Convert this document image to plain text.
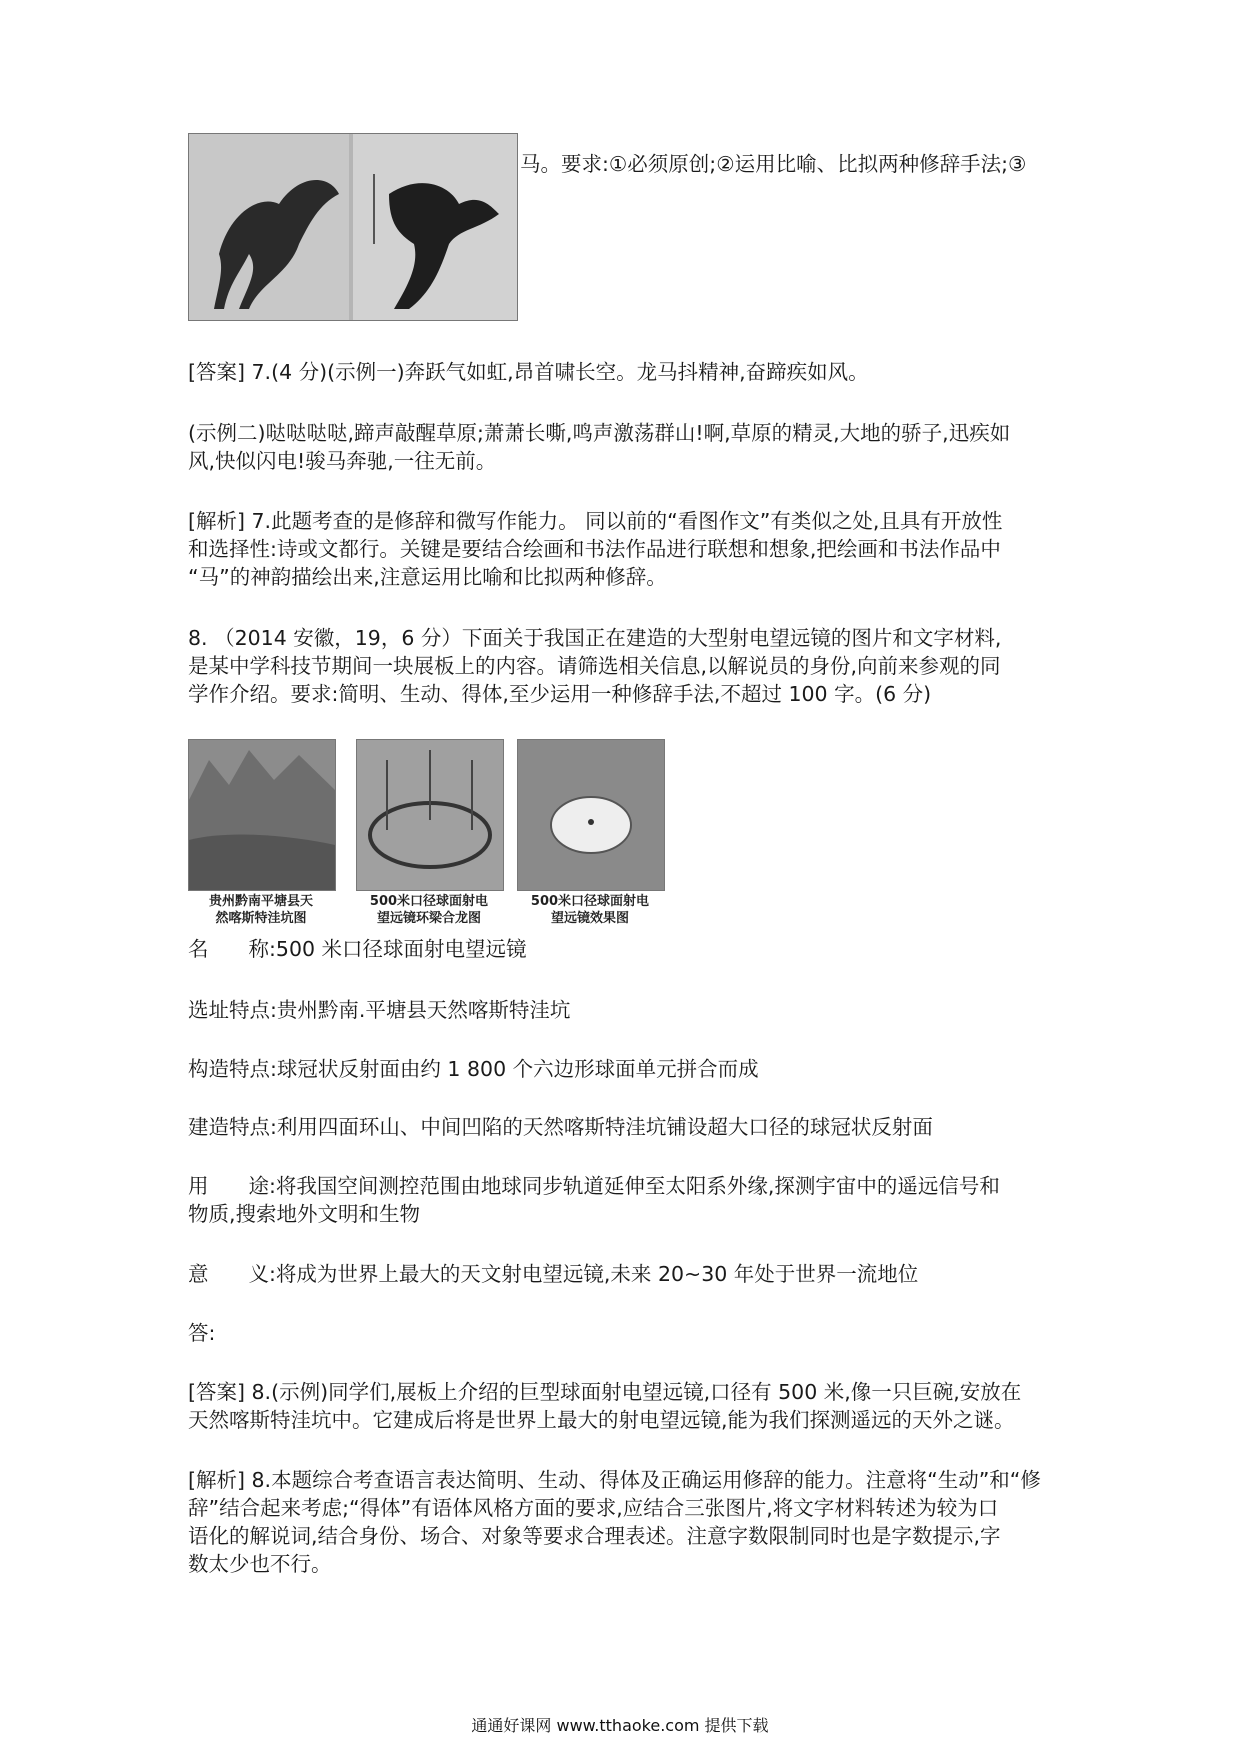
马。要求:①必须原创;②运用比喻、比拟两种修辞手法;③
[答案] 7.(4 分)(示例一)奔跃气如虹,昂首啸长空。龙马抖精神,奋蹄疾如风。
(示例二)哒哒哒哒,蹄声敲醒草原;萧萧长嘶,鸣声激荡群山!啊,草原的精灵,大地的骄子,迅疾如
风,快似闪电!骏马奔驰,一往无前。
[解析] 7.此题考查的是修辞和微写作能力。 同以前的“看图作文”有类似之处,且具有开放性
和选择性:诗或文都行。关键是要结合绘画和书法作品进行联想和想象,把绘画和书法作品中
“马”的神韵描绘出来,注意运用比喻和比拟两种修辞。
8. （2014 安徽，19，6 分）下面关于我国正在建造的大型射电望远镜的图片和文字材料,
是某中学科技节期间一块展板上的内容。请筛选相关信息,以解说员的身份,向前来参观的同
学作介绍。要求:简明、生动、得体,至少运用一种修辞手法,不超过 100 字。(6 分)
贵州黔南平塘县天
然喀斯特洼坑图
500米口径球面射电
望远镜环梁合龙图
500米口径球面射电
望远镜效果图
名 称:500 米口径球面射电望远镜
选址特点:贵州黔南.平塘县天然喀斯特洼坑
构造特点:球冠状反射面由约 1 800 个六边形球面单元拼合而成
建造特点:利用四面环山、中间凹陷的天然喀斯特洼坑铺设超大口径的球冠状反射面
用 途:将我国空间测控范围由地球同步轨道延伸至太阳系外缘,探测宇宙中的遥远信号和
物质,搜索地外文明和生物
意 义:将成为世界上最大的天文射电望远镜,未来 20~30 年处于世界一流地位
答:
[答案] 8.(示例)同学们,展板上介绍的巨型球面射电望远镜,口径有 500 米,像一只巨碗,安放在
天然喀斯特洼坑中。它建成后将是世界上最大的射电望远镜,能为我们探测遥远的天外之谜。
[解析] 8.本题综合考查语言表达简明、生动、得体及正确运用修辞的能力。注意将“生动”和“修
辞”结合起来考虑;“得体”有语体风格方面的要求,应结合三张图片,将文字材料转述为较为口
语化的解说词,结合身份、场合、对象等要求合理表述。注意字数限制同时也是字数提示,字
数太少也不行。
通通好课网 www.tthaoke.com 提供下载
